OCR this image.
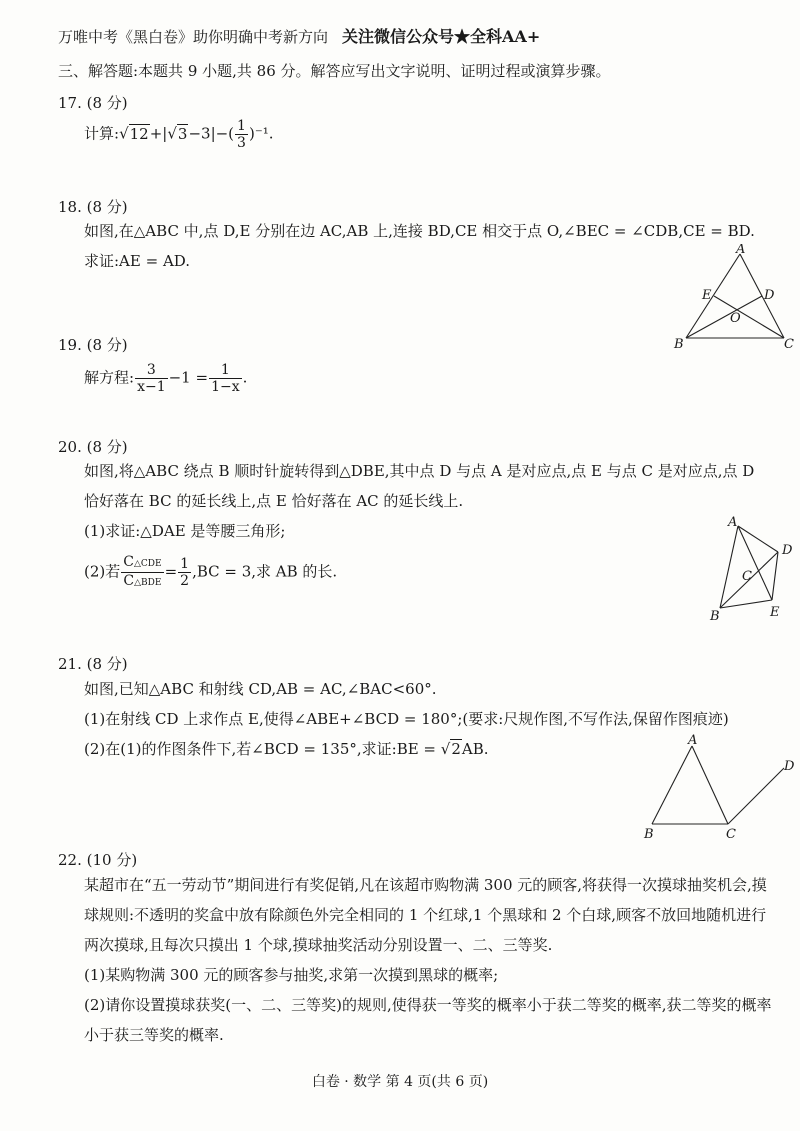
万唯中考《黑白卷》助你明确中考新方向 关注微信公众号★全科AA+
三、解答题:本题共 9 小题,共 86 分。解答应写出文字说明、证明过程或演算步骤。
17. (8 分)
计算:√12+|√3−3|−( $\frac{1}{3} )^{-1}$.
18. (8 分)
如图,在△ABC 中,点 D,E 分别在边 AC,AB 上,连接 BD,CE 相交于点 O,∠BEC = ∠CDB,CE = BD.
求证:AE = AD.
A
B	C
D
E
O
19. (8 分)
解方程: $\frac{3}{x-1} -1 = \frac{1}{1-x}$ .
20. (8 分)
如图,将△ABC 绕点 B 顺时针旋转得到△DBE,其中点 D 与点 A 是对应点,点 E 与点 C 是对应点,点 D 恰好落在 BC 的延长线上,点 E 恰好落在 AC 的延长线上.
(1)求证:△DAE 是等腰三角形;
(2)若 $\frac{\text{C△CDE}}{\text{C△BDE}} = \frac{1}{2} ,BC = 3$,求 AB 的长.
A
D
C
B	E
21. (8 分)
如图,已知△ABC 和射线 CD,AB = AC,∠BAC<60°.
(1)在射线 CD 上求作点 E,使得∠ABE+∠BCD = 180°;(要求:尺规作图,不写作法,保留作图痕迹)
(2)在(1)的作图条件下,若∠BCD = 135°,求证:BE = √2AB.	A
B	C
D
22. (10 分)
某超市在“五一劳动节”期间进行有奖促销,凡在该超市购物满 300 元的顾客,将获得一次摸球抽奖机会,摸球规则:不透明的奖盒中放有除颜色外完全相同的 1 个红球,1 个黑球和 2 个白球,顾客不放回地随机进行两次摸球,且每次只摸出 1 个球,摸球抽奖活动分别设置一、二、三等奖.
(1)某购物满 300 元的顾客参与抽奖,求第一次摸到黑球的概率;
(2)请你设置摸球获奖(一、二、三等奖)的规则,使得获一等奖的概率小于获二等奖的概率,获二等奖的概率小于获三等奖的概率.
白卷 · 数学 第 4 页(共 6 页)
